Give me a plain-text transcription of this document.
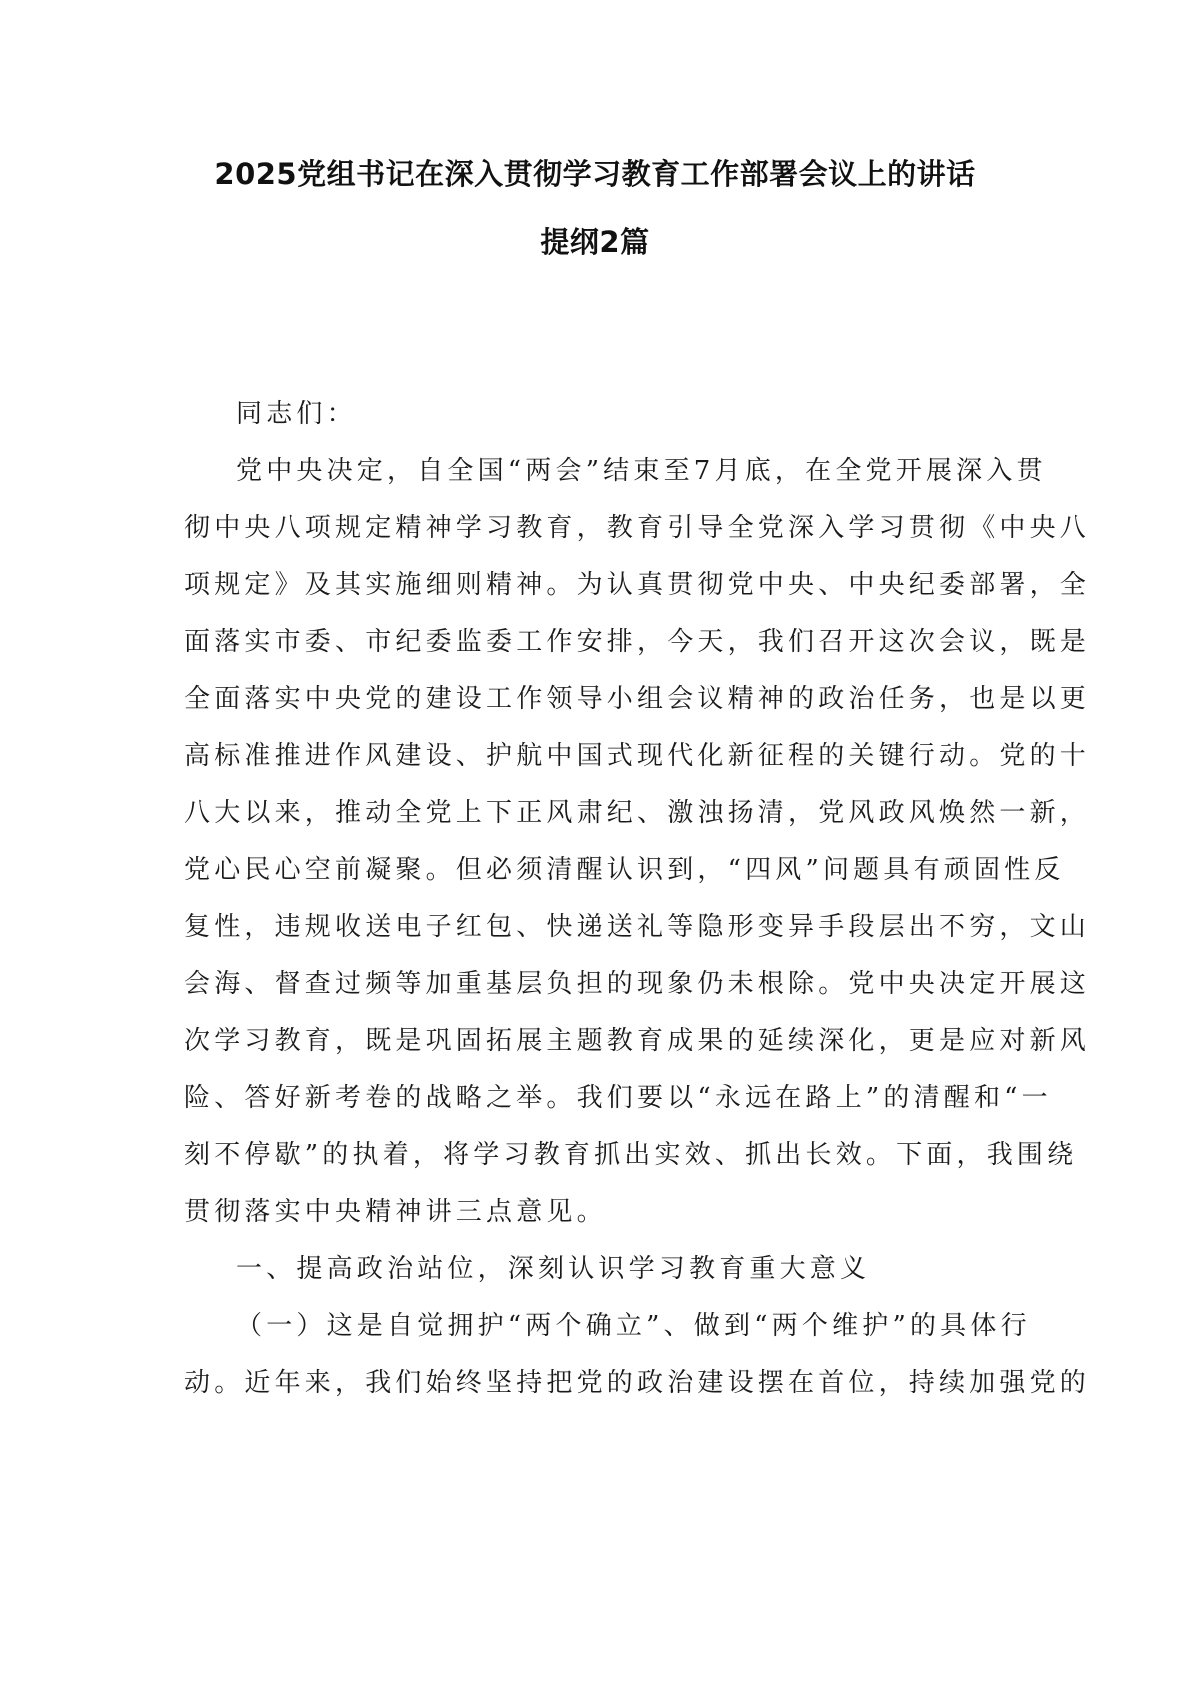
2025党组书记在深入贯彻学习教育工作部署会议上的讲话
提纲2篇
同志们：
党中央决定，自全国“两会”结束至7月底，在全党开展深入贯
彻中央八项规定精神学习教育，教育引导全党深入学习贯彻《中央八
项规定》及其实施细则精神。为认真贯彻党中央、中央纪委部署，全
面落实市委、市纪委监委工作安排，今天，我们召开这次会议，既是
全面落实中央党的建设工作领导小组会议精神的政治任务，也是以更
高标准推进作风建设、护航中国式现代化新征程的关键行动。党的十
八大以来，推动全党上下正风肃纪、激浊扬清，党风政风焕然一新，
党心民心空前凝聚。但必须清醒认识到，“四风”问题具有顽固性反
复性，违规收送电子红包、快递送礼等隐形变异手段层出不穷，文山
会海、督查过频等加重基层负担的现象仍未根除。党中央决定开展这
次学习教育，既是巩固拓展主题教育成果的延续深化，更是应对新风
险、答好新考卷的战略之举。我们要以“永远在路上”的清醒和“一
刻不停歇”的执着，将学习教育抓出实效、抓出长效。下面，我围绕
贯彻落实中央精神讲三点意见。
一、提高政治站位，深刻认识学习教育重大意义
（一）这是自觉拥护“两个确立”、做到“两个维护”的具体行
动。近年来，我们始终坚持把党的政治建设摆在首位，持续加强党的
